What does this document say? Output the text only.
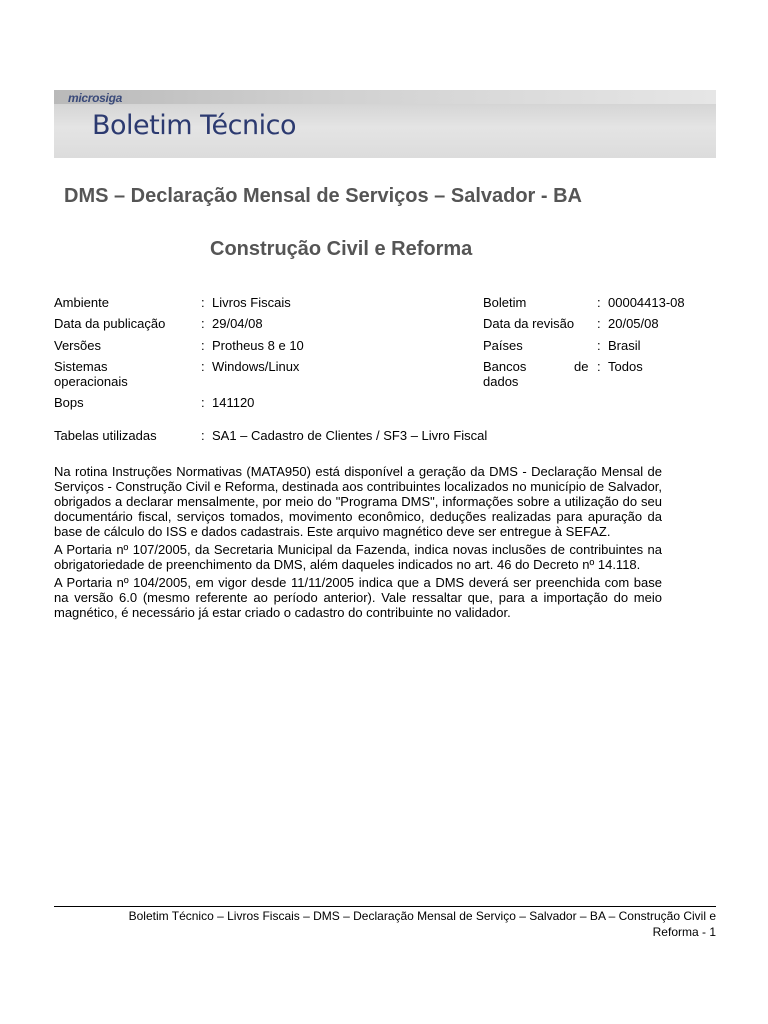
microsiga
Boletim Técnico
DMS – Declaração Mensal de Serviços – Salvador - BA
Construção Civil e Reforma
Ambiente
Data da publicação
Versões
Sistemas
operacionais
Bops
Tabelas utilizadas
:
:
:
:
:
:
Livros Fiscais
29/04/08
Protheus 8 e 10
Windows/Linux
141120
SA1 – Cadastro de Clientes / SF3 – Livro Fiscal
Boletim
Data da revisão
Países
Bancos	de
dados
:
:
:
:
00004413-08
20/05/08
Brasil
Todos

Na rotina Instruções Normativas (MATA950) está disponível a geração da DMS - Declaração Mensal de Serviços - Construção Civil e Reforma, destinada aos contribuintes localizados no município de Salvador, obrigados a declarar mensalmente, por meio do "Programa DMS", informações sobre a utilização do seu documentário fiscal, serviços tomados, movimento econômico, deduções realizadas para apuração da base de cálculo do ISS e dados cadastrais. Este arquivo magnético deve ser entregue à SEFAZ.

A Portaria nº 107/2005, da Secretaria Municipal da Fazenda, indica novas inclusões de contribuintes na obrigatoriedade de preenchimento da DMS, além daqueles indicados no art. 46 do Decreto nº 14.118.

A Portaria nº 104/2005, em vigor desde 11/11/2005 indica que a DMS deverá ser preenchida com base na versão 6.0 (mesmo referente ao período anterior). Vale ressaltar que, para a importação do meio magnético, é necessário já estar criado o cadastro do contribuinte no validador.

Boletim Técnico – Livros Fiscais – DMS – Declaração Mensal de Serviço – Salvador – BA – Construção Civil e
Reforma - 1
